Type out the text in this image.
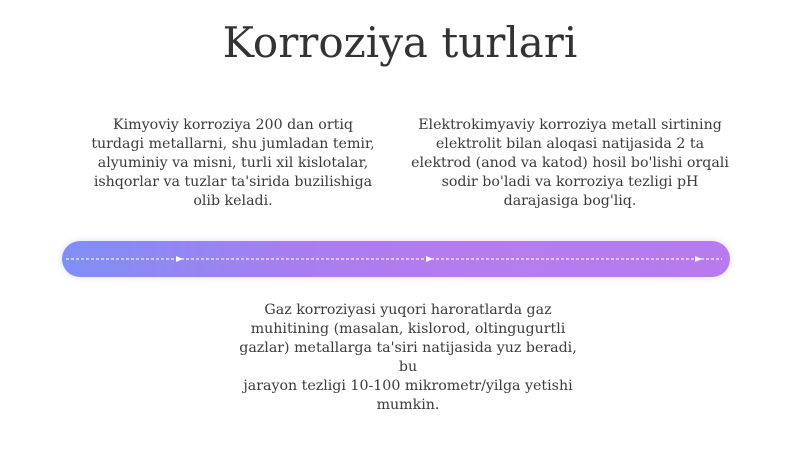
Korroziya turlari

Kimyoviy korroziya 200 dan ortiq
turdagi metallarni, shu jumladan temir,
alyuminiy va misni, turli xil kislotalar,
ishqorlar va tuzlar ta'sirida buzilishiga
olib keladi.

Elektrokimyaviy korroziya metall sirtining
elektrolit bilan aloqasi natijasida 2 ta
elektrod (anod va katod) hosil bo'lishi orqali
sodir bo'ladi va korroziya tezligi pH
darajasiga bog'liq.

Gaz korroziyasi yuqori haroratlarda gaz
muhitining (masalan, kislorod, oltingugurtli
gazlar) metallarga ta'siri natijasida yuz beradi, bu
jarayon tezligi 10-100 mikrometr/yilga yetishi
mumkin.
